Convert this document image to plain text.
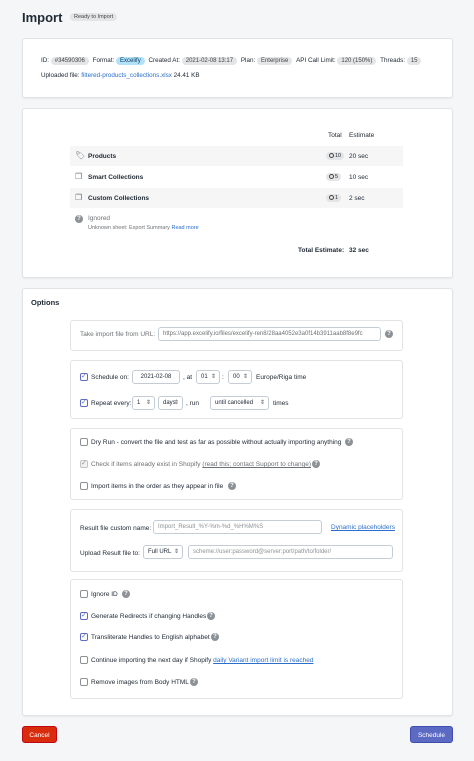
Import	Ready to Import
ID: #34590306 Format: Excelify Created At: 2021-02-08 13:17 Plan: Enterprise API Call Limit: 120 (150%) Threads: 15
Uploaded file: filtered-products_collections.xlsx 24.41 KB
Total Estimate
🏷 Products	10	20 sec
❐ Smart Collections	5	10 sec
❐ Custom Collections	1	2 sec
?	Ignored
Unknown sheet: Export Summary Read more
Total Estimate: 32 sec
Options
Take import file from URL:	https://app.excelify.io/files/excelify-ren8/28aa4052e3a0f14b3911aab8f8e9fc	?
✓
Schedule on:	2021-02-08	, at	01 ⇕	:	00 ⇕	Europe/Riga time
✓
Repeat every: 1 ⇕	days ⇕	, run	until cancelled ⇕	times
Dry Run - convert the file and test as far as possible without actually importing anything ?
✓
Check if items already exist in Shopify (read this; contact Support to change) ?
Import items in the order as they appear in file	?
Result file custom name:	Import_Result_%Y-%m-%d_%H%M%S	Dynamic placeholders
Upload Result file to:	Full URL ⇕	scheme://user:password@server:port/path/to/folder/
Ignore ID	?
✓
Generate Redirects if changing Handles ?
✓
Transliterate Handles to English alphabet ?
Continue importing the next day if Shopify daily Variant import limit is reached
Remove images from Body HTML ?
Cancel	Schedule
